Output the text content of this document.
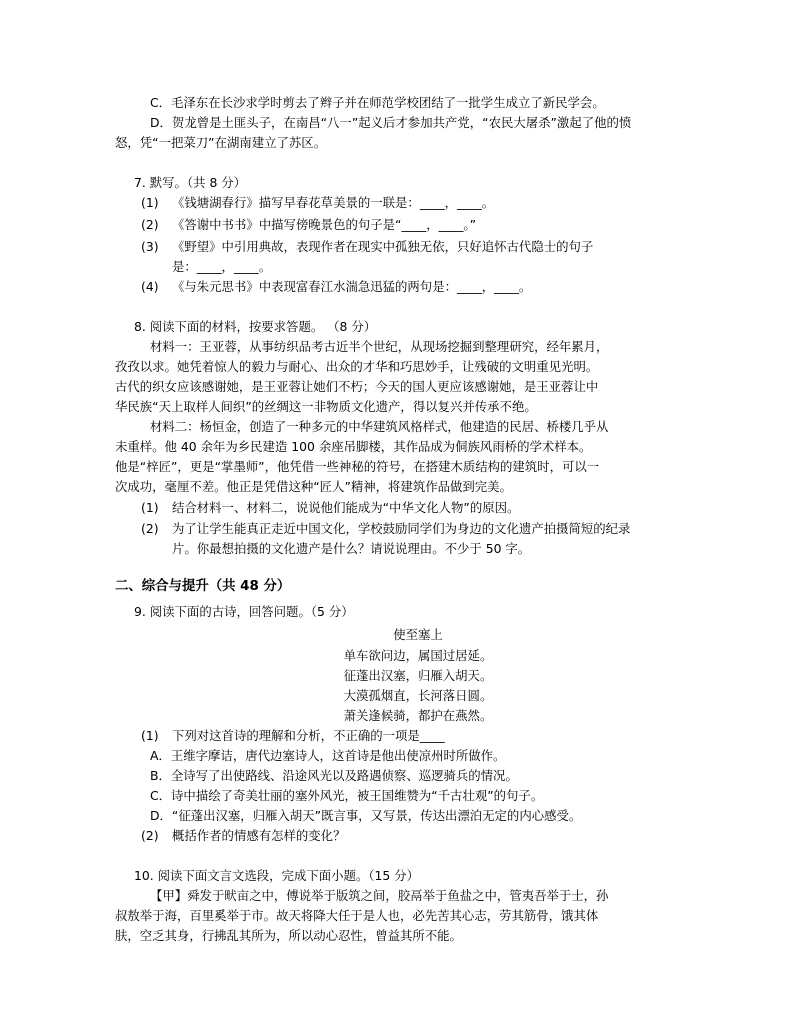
C．毛泽东在长沙求学时剪去了辫子并在师范学校团结了一批学生成立了新民学会。
D．贺龙曾是土匪头子，在南昌“八一”起义后才参加共产党，“农民大屠杀”激起了他的愤
怒，凭“一把菜刀”在湖南建立了苏区。
7. 默写。（共 8 分）
(1) 《钱塘湖春行》描写早春花草美景的一联是：____，____。
(2) 《答谢中书书》中描写傍晚景色的句子是“____，____。”
(3) 《野望》中引用典故，表现作者在现实中孤独无依，只好追怀古代隐士的句子
是：____，____。
(4) 《与朱元思书》中表现富春江水湍急迅猛的两句是：____，____。
8. 阅读下面的材料，按要求答题。 （8 分）
材料一：王亚蓉，从事纺织品考古近半个世纪，从现场挖掘到整理研究，经年累月，
孜孜以求。她凭着惊人的毅力与耐心、出众的才华和巧思妙手，让残破的文明重见光明。
古代的织女应该感谢她，是王亚蓉让她们不朽；今天的国人更应该感谢她，是王亚蓉让中
华民族“天上取样人间织”的丝绸这一非物质文化遗产，得以复兴并传承不绝。
材料二：杨恒金，创造了一种多元的中华建筑风格样式，他建造的民居、桥楼几乎从
未重样。他 40 余年为乡民建造 100 余座吊脚楼，其作品成为侗族风雨桥的学术样本。
他是“梓匠”，更是“掌墨师”，他凭借一些神秘的符号，在搭建木质结构的建筑时，可以一
次成功，毫厘不差。他正是凭借这种“匠人”精神，将建筑作品做到完美。
(1) 结合材料一、材料二，说说他们能成为“中华文化人物”的原因。
(2) 为了让学生能真正走近中国文化，学校鼓励同学们为身边的文化遗产拍摄简短的纪录
片。你最想拍摄的文化遗产是什么？请说说理由。不少于 50 字。
二、综合与提升（共 48 分）
9. 阅读下面的古诗，回答问题。（5 分）
使至塞上
单车欲问边，属国过居延。
征蓬出汉塞，归雁入胡天。
大漠孤烟直，长河落日圆。
萧关逢候骑，都护在燕然。
(1) 下列对这首诗的理解和分析，不正确的一项是____
A．王维字摩诘，唐代边塞诗人，这首诗是他出使凉州时所做作。
B．全诗写了出使路线、沿途风光以及路遇侦察、巡逻骑兵的情况。
C．诗中描绘了奇美壮丽的塞外风光，被王国维赞为“千古壮观”的句子。
D．“征蓬出汉塞，归雁入胡天”既言事，又写景，传达出漂泊无定的内心感受。
(2) 概括作者的情感有怎样的变化？
10. 阅读下面文言文选段，完成下面小题。（15 分）
【甲】舜发于畎亩之中，傅说举于版筑之间，胶鬲举于鱼盐之中，管夷吾举于士，孙
叔敖举于海，百里奚举于市。故天将降大任于是人也，必先苦其心志，劳其筋骨，饿其体
肤，空乏其身，行拂乱其所为，所以动心忍性，曾益其所不能。
